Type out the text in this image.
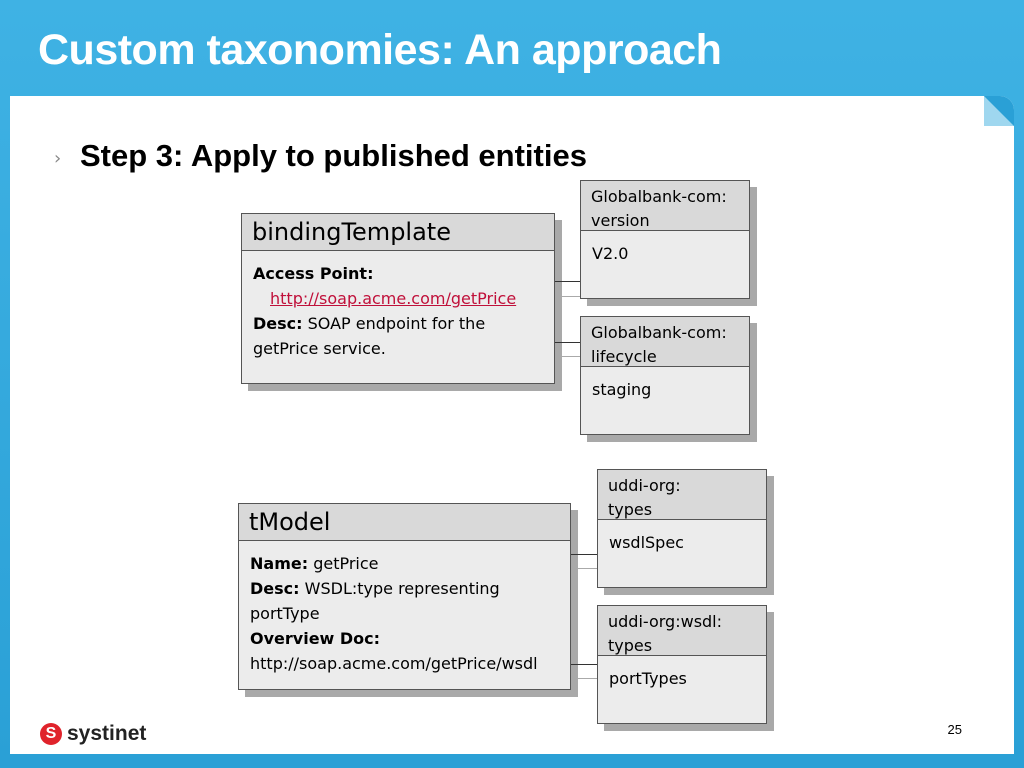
Custom taxonomies: An approach
› Step 3: Apply to published entities
bindingTemplate
Access Point:
http://soap.acme.com/getPrice
Desc: SOAP endpoint for the
getPrice service.
tModel
Name: getPrice
Desc: WSDL:type representing
portType
Overview Doc:
http://soap.acme.com/getPrice/wsdl
Globalbank-com:
version
V2.0
Globalbank-com:
lifecycle
staging
uddi-org:
types
wsdlSpec
uddi-org:wsdl:
types
portTypes
S systinet	25
